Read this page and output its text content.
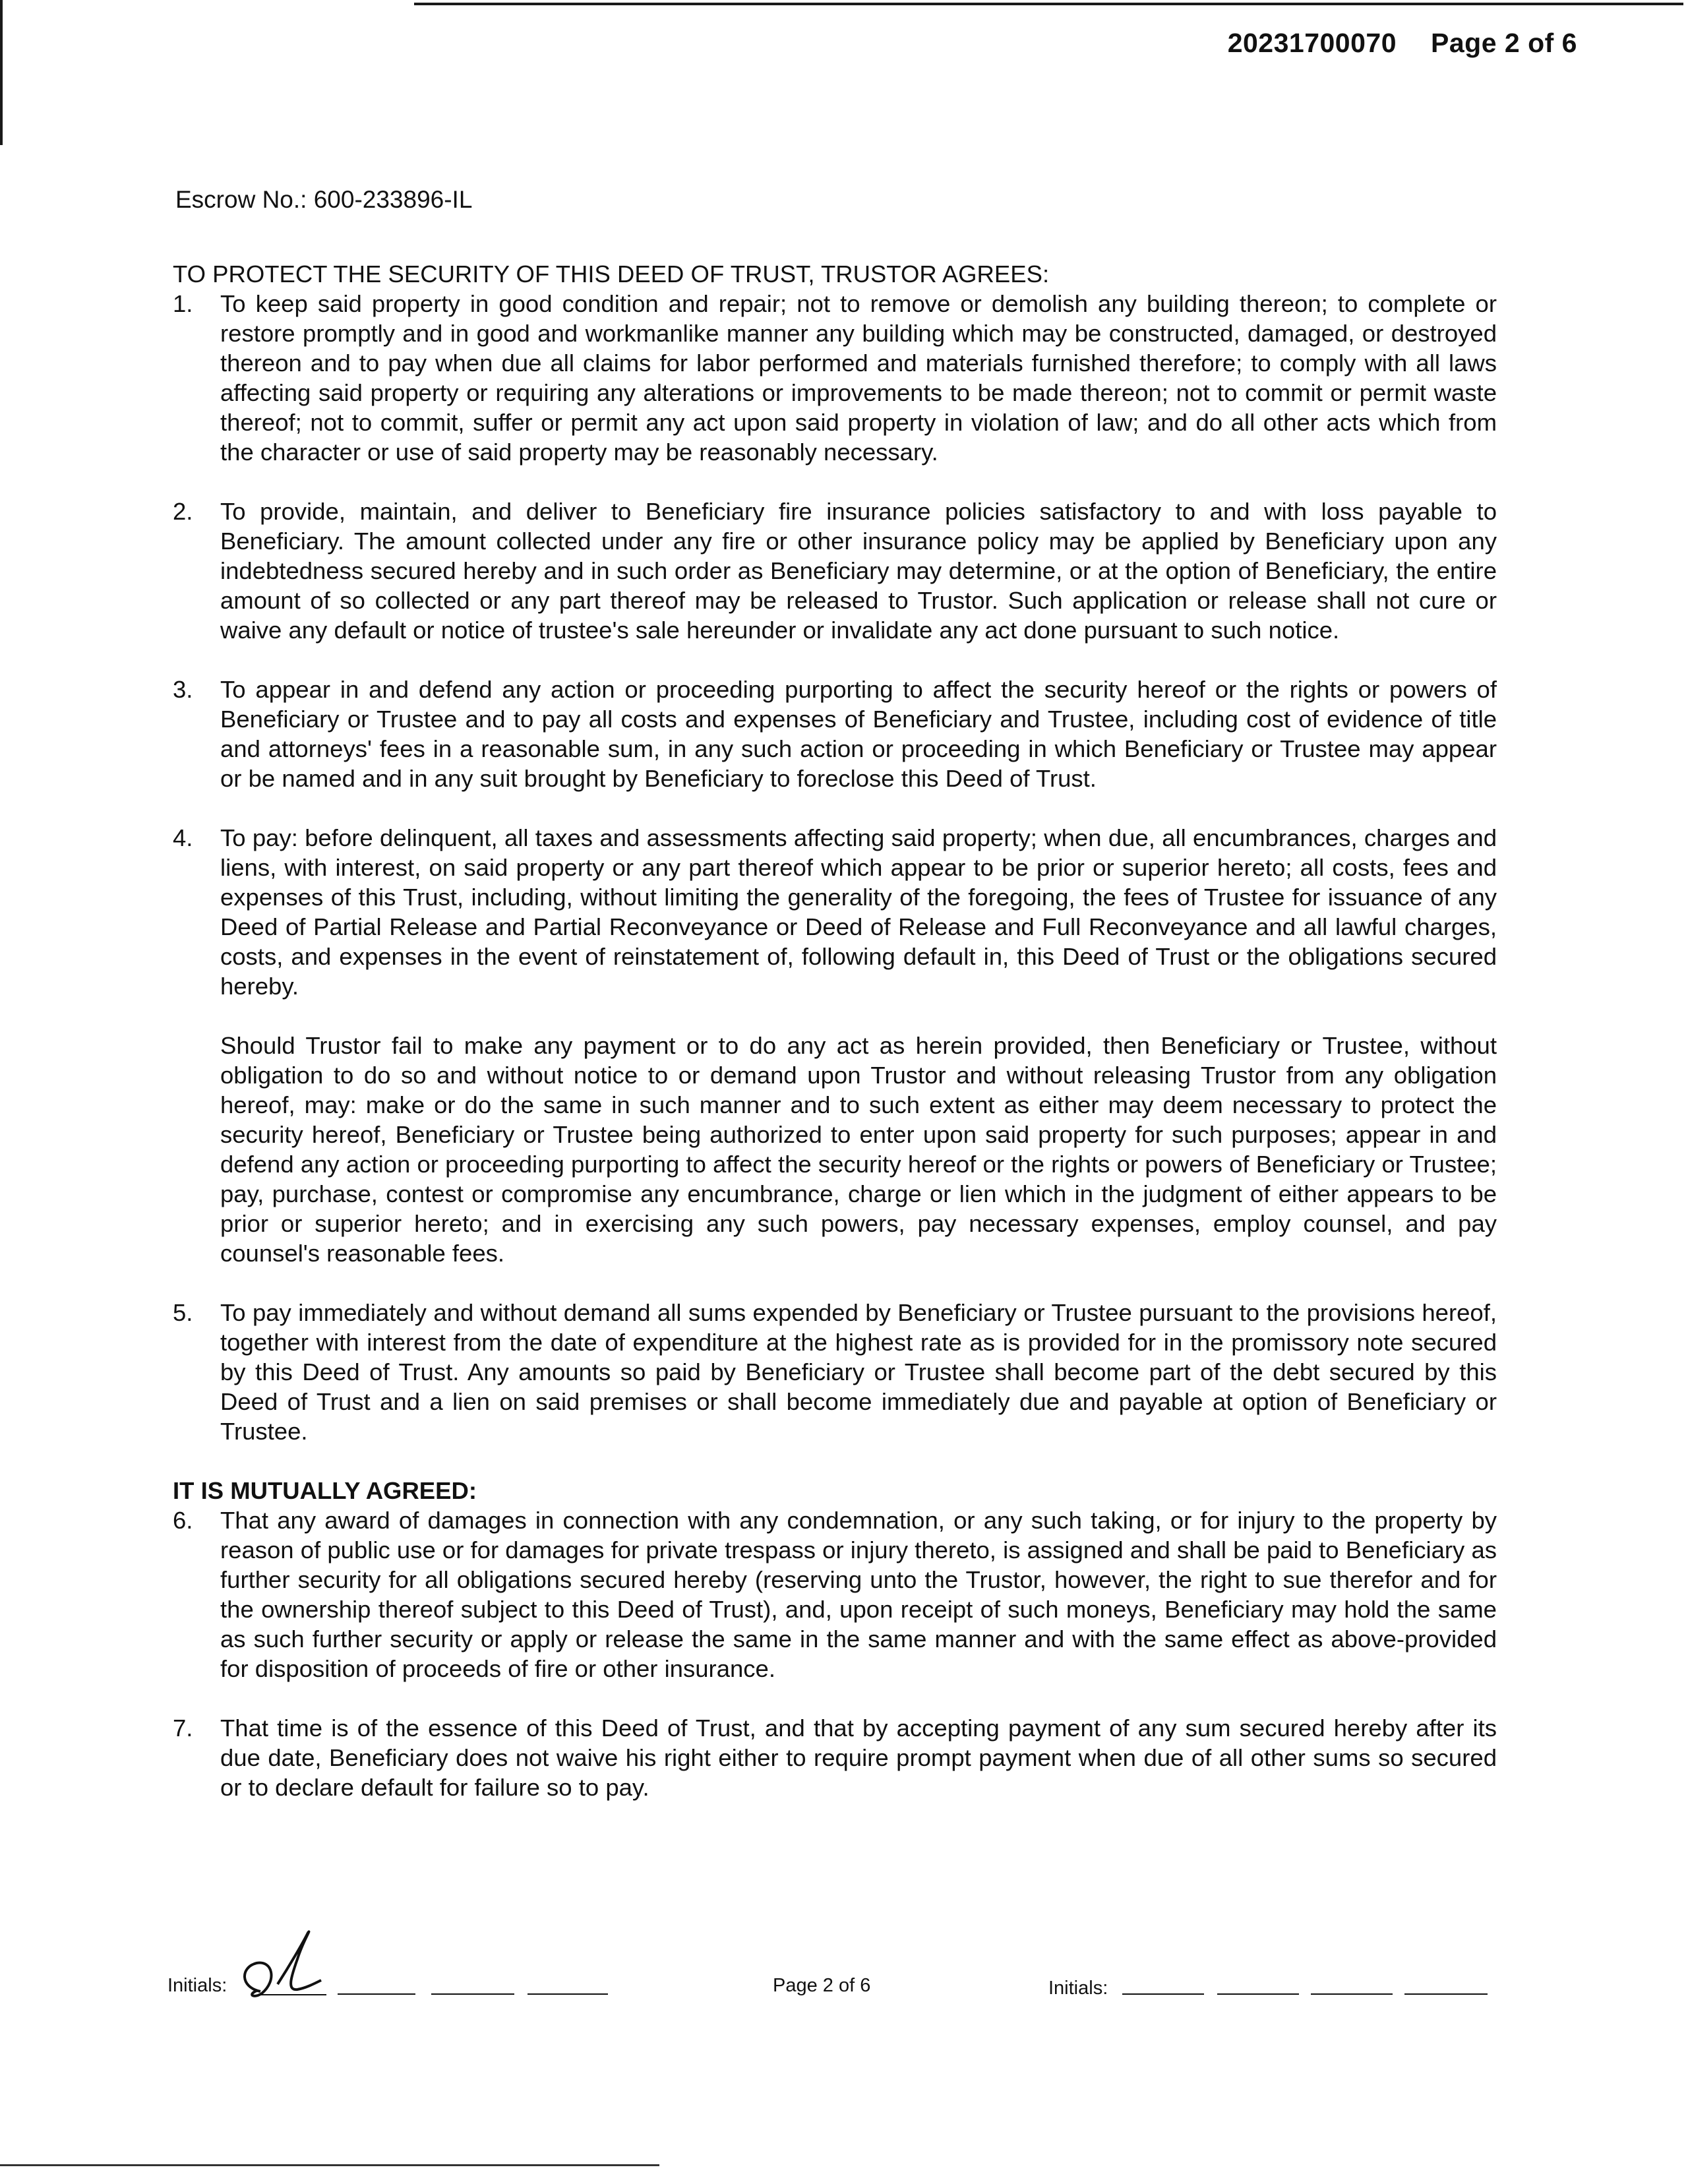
20231700070 Page 2 of 6
Escrow No.: 600-233896-IL

TO PROTECT THE SECURITY OF THIS DEED OF TRUST, TRUSTOR AGREES:

1.	To keep said property in good condition and repair; not to remove or demolish any building thereon; to complete or restore promptly and in good and workmanlike manner any building which may be constructed, damaged, or destroyed thereon and to pay when due all claims for labor performed and materials furnished therefore; to comply with all laws affecting said property or requiring any alterations or improvements to be made thereon; not to commit or permit waste thereof; not to commit, suffer or permit any act upon said property in violation of law; and do all other acts which from the character or use of said property may be reasonably necessary.

2.	To provide, maintain, and deliver to Beneficiary fire insurance policies satisfactory to and with loss payable to Beneficiary. The amount collected under any fire or other insurance policy may be applied by Beneficiary upon any indebtedness secured hereby and in such order as Beneficiary may determine, or at the option of Beneficiary, the entire amount of so collected or any part thereof may be released to Trustor. Such application or release shall not cure or waive any default or notice of trustee's sale hereunder or invalidate any act done pursuant to such notice.

3.	To appear in and defend any action or proceeding purporting to affect the security hereof or the rights or powers of Beneficiary or Trustee and to pay all costs and expenses of Beneficiary and Trustee, including cost of evidence of title and attorneys' fees in a reasonable sum, in any such action or proceeding in which Beneficiary or Trustee may appear or be named and in any suit brought by Beneficiary to foreclose this Deed of Trust.

4.	To pay: before delinquent, all taxes and assessments affecting said property; when due, all encumbrances, charges and liens, with interest, on said property or any part thereof which appear to be prior or superior hereto; all costs, fees and expenses of this Trust, including, without limiting the generality of the foregoing, the fees of Trustee for issuance of any Deed of Partial Release and Partial Reconveyance or Deed of Release and Full Reconveyance and all lawful charges, costs, and expenses in the event of reinstatement of, following default in, this Deed of Trust or the obligations secured hereby.

Should Trustor fail to make any payment or to do any act as herein provided, then Beneficiary or Trustee, without obligation to do so and without notice to or demand upon Trustor and without releasing Trustor from any obligation hereof, may: make or do the same in such manner and to such extent as either may deem necessary to protect the security hereof, Beneficiary or Trustee being authorized to enter upon said property for such purposes; appear in and defend any action or proceeding purporting to affect the security hereof or the rights or powers of Beneficiary or Trustee; pay, purchase, contest or compromise any encumbrance, charge or lien which in the judgment of either appears to be prior or superior hereto; and in exercising any such powers, pay necessary expenses, employ counsel, and pay counsel's reasonable fees.

5.	To pay immediately and without demand all sums expended by Beneficiary or Trustee pursuant to the provisions hereof, together with interest from the date of expenditure at the highest rate as is provided for in the promissory note secured by this Deed of Trust. Any amounts so paid by Beneficiary or Trustee shall become part of the debt secured by this Deed of Trust and a lien on said premises or shall become immediately due and payable at option of Beneficiary or Trustee.

IT IS MUTUALLY AGREED:

6.	That any award of damages in connection with any condemnation, or any such taking, or for injury to the property by reason of public use or for damages for private trespass or injury thereto, is assigned and shall be paid to Beneficiary as further security for all obligations secured hereby (reserving unto the Trustor, however, the right to sue therefor and for the ownership thereof subject to this Deed of Trust), and, upon receipt of such moneys, Beneficiary may hold the same as such further security or apply or release the same in the same manner and with the same effect as above-provided for disposition of proceeds of fire or other insurance.

7.	That time is of the essence of this Deed of Trust, and that by accepting payment of any sum secured hereby after its due date, Beneficiary does not waive his right either to require prompt payment when due of all other sums so secured or to declare default for failure so to pay.

Initials:	Page 2 of 6	Initials:
